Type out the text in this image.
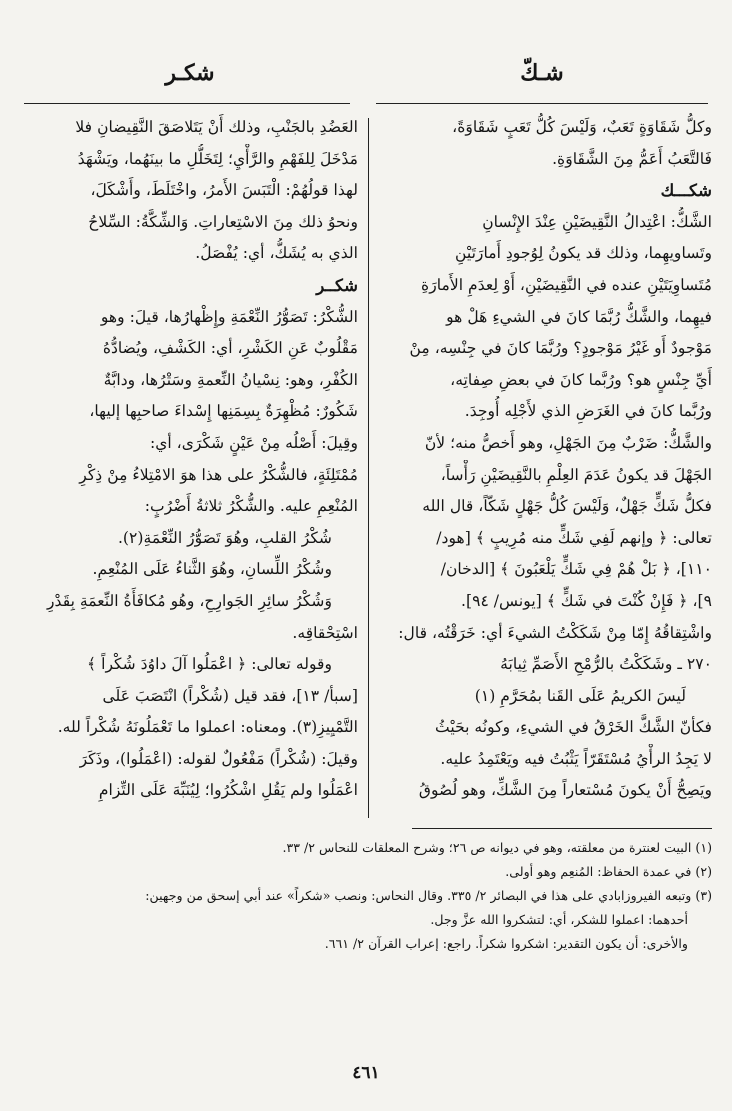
شـكّ
شكـر
وكلُّ شَقَاوَةٍ تَعَبٌ، وَلَيْسَ كُلُّ تَعَبٍ شَقَاوَةً،
فَالتَّعَبُ أَعَمُّ مِنَ الشَّقَاوَةِ.
شكـــك
الشَّكُّ: اعْتِدالُ النَّقِيضَيْنِ عِنْدَ الإِنْسانِ
وتَساويهِما، وذلك قد يكونُ لِوُجودِ أَمارَتَيْنِ
مُتَساوِيَتَيْنِ عنده في النَّقِيضَيْنِ، أَوْ لِعدَمِ الأَمارَةِ
فيهِما، والشَّكُّ رُبَّمَا كانَ في الشيءِ هَلْ هو
مَوْجودٌ أَو غَيْرُ مَوْجودٍ؟ ورُبَّمَا كانَ في جِنْسِه، مِنْ
أَيِّ جِنْسٍ هو؟ ورُبَّما كانَ في بعضِ صِفاتِه،
ورُبَّما كانَ في الغَرَضِ الذي لأَجْلِه أُوجِدَ.
والشَّكُّ: ضَرْبٌ مِنَ الجَهْلِ، وهو أَخصُّ منه؛ لأنّ
الجَهْلَ قد يكونُ عَدَمَ العِلْمِ بالنَّقِيضَيْنِ رَأْساً،
فكلُّ شَكٍّ جَهْلٌ، وَلَيْسَ كُلُّ جَهْلٍ شَكّاً، قال الله
تعالى: ﴿ وإنهم لَفِي شَكٍّ منه مُرِيبٍ ﴾ [هود/
١١٠]، ﴿ بَلْ هُمْ فِي شَكٍّ يَلْعَبُونَ ﴾ [الدخان/
٩]، ﴿ فَإِنْ كُنْتَ في شَكٍّ ﴾ [يونس/ ٩٤].
واشْتِقاقُهُ إِمّا مِنْ شَكَكْتُ الشيءَ أي: خَرَقْتُه، قال:
٢٧٠ ـ وشَكَكْتُ بالرُّمْحِ الأَصَمِّ ثِيابَهُ
لَيسَ الكريمُ عَلَى القَنا بمُحَرَّمِ (١)
فكأنّ الشَّكَّ الخَرْقُ في الشيءِ، وكونُه بحَيْثُ
لا يَجِدُ الرأْيُ مُسْتَقَرّاً يَثْبُتُ فيه ويَعْتَمِدُ عليه.
ويَصِحُّ أَنْ يكونَ مُسْتعاراً مِنَ الشَّكِّ، وهو لُصُوقُ
العَضُدِ بالجَنْبِ، وذلك أَنْ يَتَلاصَقَ النَّقِيضانِ فلا
مَدْخَلَ لِلفَهْمِ والرَّأْيِ؛ لِتَخَلُّلِ ما بينَهُما، ويَشْهَدُ
لهذا قولُهُمْ: الْتَبَسَ الأَمرُ، واخْتَلَطَ، وأَشْكَلَ،
ونحوُ ذلك مِنَ الاسْتِعاراتِ. وَالشِّكَّةُ: السِّلاحُ
الذي به يُشَكُّ، أي: يُفْصَلُ.
شكــر
الشُّكْرُ: تَصَوُّرُ النِّعْمَةِ وإِظْهارُها، قيلَ: وهو
مَقْلُوبٌ عَنِ الكَشْرِ، أي: الكَشْفِ، ويُضادُّهُ
الكُفْرِ، وهو: نِسْيانُ النِّعمةِ وسَتْرُها، ودابَّةٌ
شَكُورٌ: مُظْهِرَةٌ بِسِمَنِها إِسْداءَ صاحبِها إليها،
وقِيلَ: أَصْلُه مِنْ عَيْنٍ شَكْرَى، أي:
مُمْتَلِئَةٍ، فالشُّكْرُ على هذا هوَ الامْتِلاءُ مِنْ ذِكْرِ
المُنْعِمِ عليه. والشُّكْرُ ثلاثةُ أَضْرُبٍ:
شُكْرُ القلبِ، وهُوَ تَصَوُّرُ النِّعْمَةِ(٢).
وشُكْرُ اللِّسانِ، وهُوَ الثَّناءُ عَلَى المُنْعِمِ.
وَشُكْرُ سائِرِ الجَوارِحِ، وهُو مُكافَأَةُ النِّعمَةِ بِقَدْرِ
اسْتِحْقاقِه.
وقوله تعالى: ﴿ اعْمَلُوا آلَ داوُدَ شُكْراً ﴾
[سبأ/ ١٣]، فقد قيل (شُكْراً) انْتَصَبَ عَلَى
التَّمْيِيزِ(٣). ومعناه: اعملوا ما تَعْمَلُونَهُ شُكْراً لله.
وقيلَ: (شُكْراً) مَفْعُولٌ لقوله: (اعْمَلُوا)، وذَكَرَ
اعْمَلُوا ولم يَقُلِ اشْكُرُوا؛ لِيُنَبِّهَ عَلَى التِّزامِ
(١) البيت لعنترة من معلقته، وهو في ديوانه ص ٢٦؛ وشرح المعلقات للنحاس ٢/ ٣٣.
(٢) في عمدة الحفاظ: المُنعِم وهو أولى.
(٣) وتبعه الفيروزابادي على هذا في البصائر ٢/ ٣٣٥. وقال النحاس: ونصب «شكراً» عند أبي إسحق من وجهين:
أحدهما: اعملوا للشكر، أي: لتشكروا الله عزَّ وجل.
والأخرى: أن يكون التقدير: اشكروا شكراً. راجع: إعراب القرآن ٢/ ٦٦١.
٤٦١
